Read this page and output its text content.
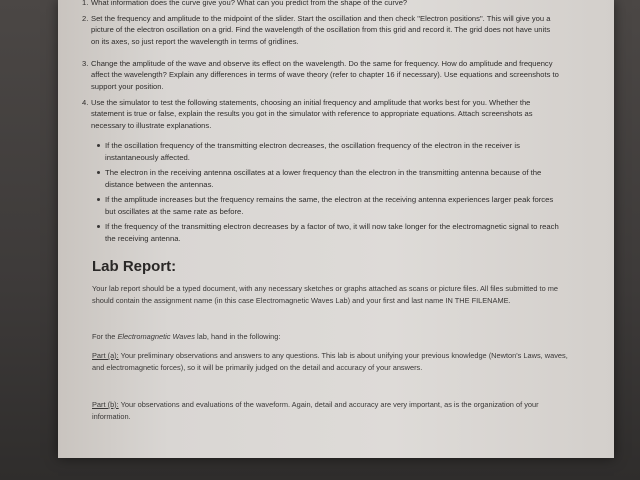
1. What information does the curve give you? What can you predict from the shape of the curve?
2. Set the frequency and amplitude to the midpoint of the slider. Start the oscillation and then check "Electron positions". This will give you a picture of the electron oscillation on a grid. Find the wavelength of the oscillation from this grid and record it. The grid does not have units on its axes, so just report the wavelength in terms of gridlines.
3. Change the amplitude of the wave and observe its effect on the wavelength. Do the same for frequency. How do amplitude and frequency affect the wavelength? Explain any differences in terms of wave theory (refer to chapter 16 if necessary). Use equations and screenshots to support your position.
4. Use the simulator to test the following statements, choosing an initial frequency and amplitude that works best for you. Whether the statement is true or false, explain the results you got in the simulator with reference to appropriate equations. Attach screenshots as necessary to illustrate explanations.
If the oscillation frequency of the transmitting electron decreases, the oscillation frequency of the electron in the receiver is instantaneously affected.
The electron in the receiving antenna oscillates at a lower frequency than the electron in the transmitting antenna because of the distance between the antennas.
If the amplitude increases but the frequency remains the same, the electron at the receiving antenna experiences larger peak forces but oscillates at the same rate as before.
If the frequency of the transmitting electron decreases by a factor of two, it will now take longer for the electromagnetic signal to reach the receiving antenna.
Lab Report:

Your lab report should be a typed document, with any necessary sketches or graphs attached as scans or picture files. All files submitted to me should contain the assignment name (in this case Electromagnetic Waves Lab) and your first and last name IN THE FILENAME.

For the Electromagnetic Waves lab, hand in the following:

Part (a): Your preliminary observations and answers to any questions. This lab is about unifying your previous knowledge (Newton's Laws, waves, and electromagnetic forces), so it will be primarily judged on the detail and accuracy of your answers.

Part (b): Your observations and evaluations of the waveform. Again, detail and accuracy are very important, as is the organization of your information.
